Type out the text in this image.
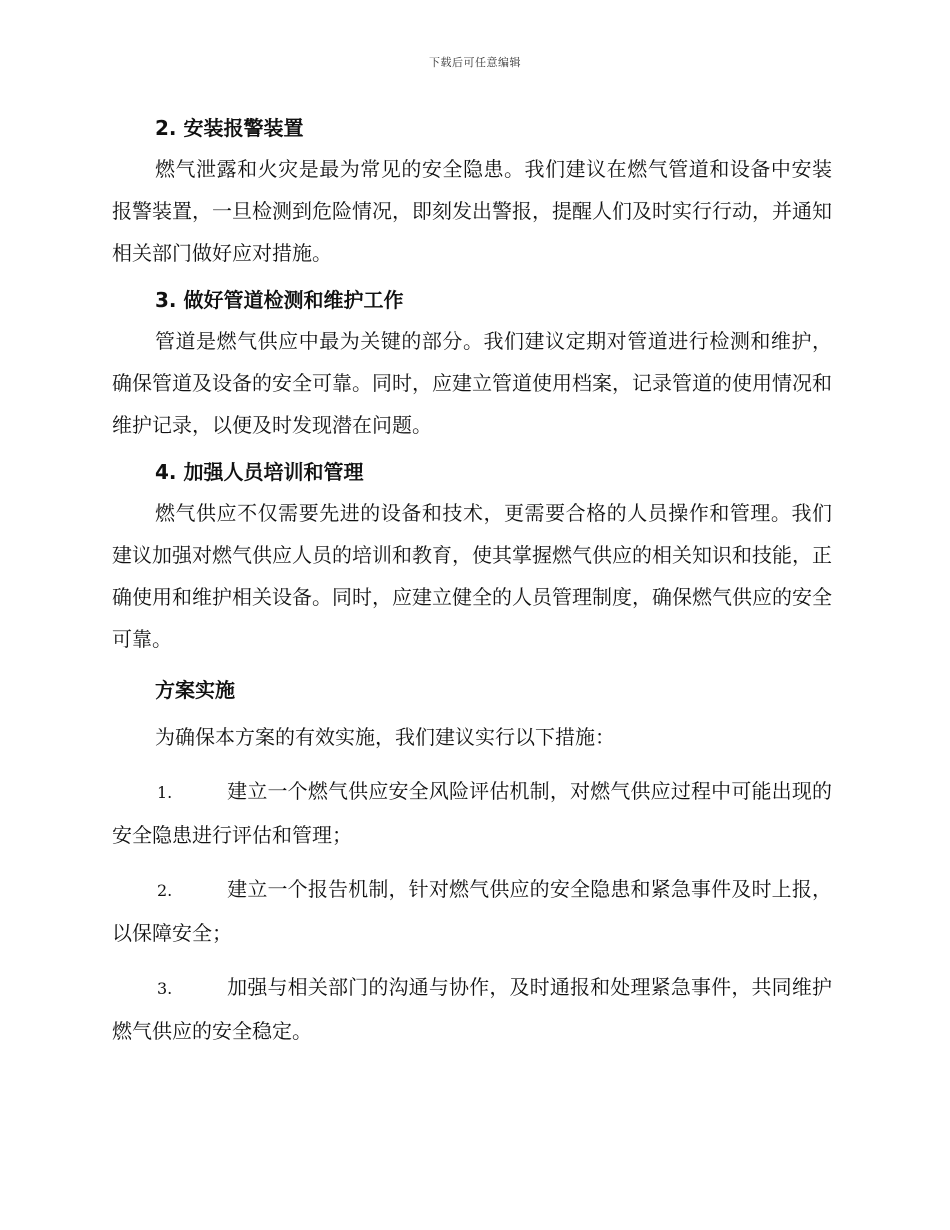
下载后可任意编辑
2. 安装报警装置

燃气泄露和火灾是最为常见的安全隐患。我们建议在燃气管道和设备中安装报警装置，一旦检测到危险情况，即刻发出警报，提醒人们及时实行行动，并通知相关部门做好应对措施。

3. 做好管道检测和维护工作

管道是燃气供应中最为关键的部分。我们建议定期对管道进行检测和维护，确保管道及设备的安全可靠。同时，应建立管道使用档案，记录管道的使用情况和维护记录，以便及时发现潜在问题。

4. 加强人员培训和管理

燃气供应不仅需要先进的设备和技术，更需要合格的人员操作和管理。我们建议加强对燃气供应人员的培训和教育，使其掌握燃气供应的相关知识和技能，正确使用和维护相关设备。同时，应建立健全的人员管理制度，确保燃气供应的安全可靠。

方案实施

为确保本方案的有效实施，我们建议实行以下措施：

1.	建立一个燃气供应安全风险评估机制，对燃气供应过程中可能出现的安全隐患进行评估和管理；

2.	建立一个报告机制，针对燃气供应的安全隐患和紧急事件及时上报，以保障安全；

3.	加强与相关部门的沟通与协作，及时通报和处理紧急事件，共同维护燃气供应的安全稳定。
